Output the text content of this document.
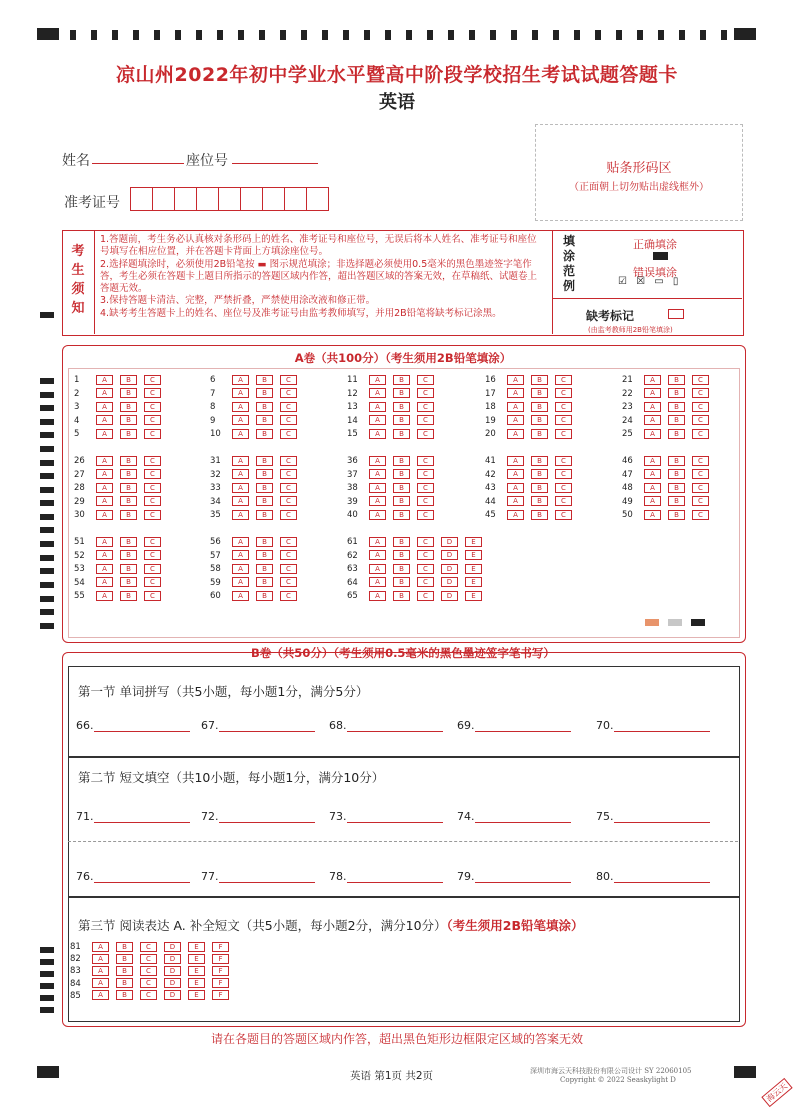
凉山州2022年初中学业水平暨高中阶段学校招生考试试题答题卡
英语
姓名	座位号
准考证号
贴条形码区
（正面朝上切勿贴出虚线框外）
考生须知
1.答题前，考生务必认真核对条形码上的姓名、准考证号和座位号，无误后将本人姓名、准考证号和座位号填写在相应位置，并在答题卡背面上方填涂座位号。
2.选择题填涂时，必须使用2B铅笔按 ▬ 图示规范填涂；非选择题必须使用0.5毫米的黑色墨迹签字笔作答，考生必须在答题卡上题目所指示的答题区域内作答，超出答题区域的答案无效，在草稿纸、试题卷上答题无效。
3.保持答题卡清洁、完整，严禁折叠，严禁使用涂改液和修正带。
4.缺考考生答题卡上的姓名、座位号及准考证号由监考教师填写，并用2B铅笔将缺考标记涂黑。
填涂范例
正确填涂
错误填涂
☑ ☒ ▭ ▯
缺考标记
(由监考教师用2B铅笔填涂)
A卷（共100分）（考生须用2B铅笔填涂）
1	A	B	C
2	A	B	C
3	A	B	C
4	A	B	C
5	A	B	C
6	A	B	C
7	A	B	C
8	A	B	C
9	A	B	C
10 A	B	C
11 A	B	C
12 A	B	C
13 A	B	C
14 A	B	C
15 A	B	C
16 A	B	C
17 A	B	C
18 A	B	C
19 A	B	C
20 A	B	C
21 A	B	C
22 A	B	C
23 A	B	C
24 A	B	C
25 A	B	C
26 A	B	C
27 A	B	C
28 A	B	C
29 A	B	C
30 A	B	C
31 A	B	C
32 A	B	C
33 A	B	C
34 A	B	C
35 A	B	C
36 A	B	C
37 A	B	C
38 A	B	C
39 A	B	C
40 A	B	C
41 A	B	C
42 A	B	C
43 A	B	C
44 A	B	C
45 A	B	C
46 A	B	C
47 A	B	C
48 A	B	C
49 A	B	C
50 A	B	C
51 A	B	C
52 A	B	C
53 A	B	C
54 A	B	C
55 A	B	C
56 A	B	C
57 A	B	C
58 A	B	C
59 A	B	C
60 A	B	C
61 A	B	C	D	E
62 A	B	C	D	E
63 A	B	C	D	E
64 A	B	C	D	E
65 A	B	C	D	E
B卷（共50分）（考生须用0.5毫米的黑色墨迹签字笔书写）
第一节 单词拼写（共5小题，每小题1分，满分5分）
66.	67.	68.	69.	70.
第二节 短文填空（共10小题，每小题1分，满分10分）
71.	72.	73.	74.	75.
76.	77.	78.	79.	80.
第三节 阅读表达 A. 补全短文（共5小题，每小题2分，满分10分）（考生须用2B铅笔填涂）
81 A	B	C	D	E	F
82 A	B	C	D	E	F
83 A	B	C	D	E	F
84 A	B	C	D	E	F
85 A	B	C	D	E	F
请在各题目的答题区域内作答，超出黑色矩形边框限定区域的答案无效
英语 第1页 共2页	深圳市海云天科技股份有限公司设计 SY 22060105
Copyright © 2022 Seaskylight D
海云天
